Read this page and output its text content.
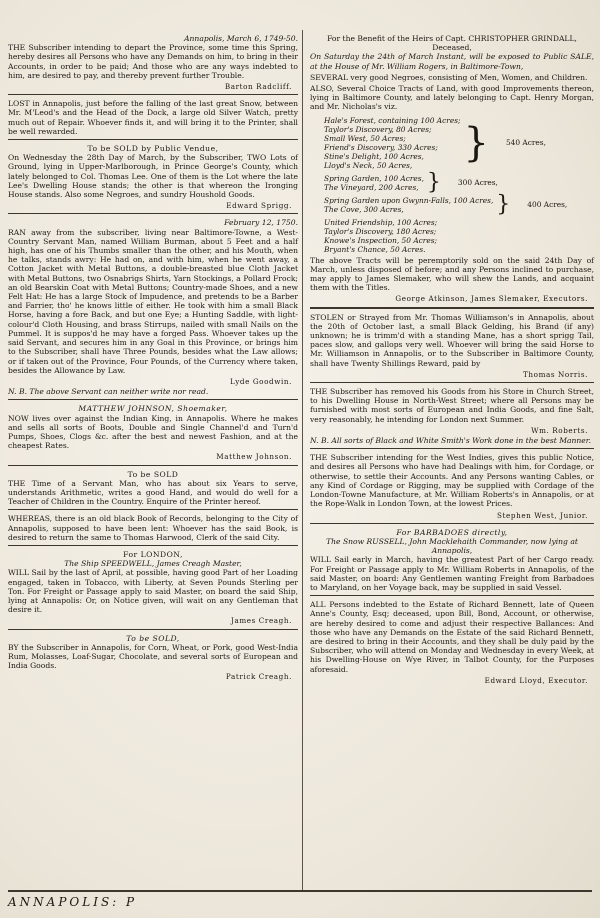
Annapolis, March 6, 1749-50.

THE Subscriber intending to depart the Province, some time this Spring, hereby desires all Persons who have any Demands on him, to bring in their Accounts, in order to be paid; And those who are any ways indebted to him, are desired to pay, and thereby prevent further Trouble.

Barton Radcliff.

LOST in Annapolis, just before the falling of the last great Snow, between Mr. M'Leod's and the Head of the Dock, a large old Silver Watch, pretty much out of Repair. Whoever finds it, and will bring it to the Printer, shall be well rewarded.

To be SOLD by Public Vendue,

On Wednesday the 28th Day of March, by the Subscriber, TWO Lots of Ground, lying in Upper-Marlborough, in Prince George's County, which lately belonged to Col. Thomas Lee. One of them is the Lot where the late Lee's Dwelling House stands; the other is that whereon the Ironging House stands. Also some Negroes, and sundry Houshold Goods.

Edward Sprigg.
February 12, 1750.

RAN away from the subscriber, living near Baltimore-Towne, a West-Country Servant Man, named William Burman, about 5 Feet and a half high, has one of his Thumbs smaller than the other, and his Mouth, when he talks, stands awry: He had on, and with him, when he went away, a Cotton Jacket with Metal Buttons, a double-breasted blue Cloth Jacket with Metal Buttons, two Osnabrigs Shirts, Yarn Stockings, a Pollard Frock; an old Bearskin Coat with Metal Buttons; Country-made Shoes, and a new Felt Hat: He has a large Stock of Impudence, and pretends to be a Barber and Farrier, tho' he knows little of either. He took with him a small Black Horse, having a fore Back, and but one Eye; a Hunting Saddle, with light-colour'd Cloth Housing, and brass Stirrups, nailed with small Nails on the Pummel. It is suppos'd he may have a forged Pass. Whoever takes up the said Servant, and secures him in any Goal in this Province, or brings him to the Subscriber, shall have Three Pounds, besides what the Law allows; or if taken out of the Province, Four Pounds, of the Currency where taken, besides the Allowance by Law.

Lyde Goodwin.

N. B. The above Servant can neither write nor read.

MATTHEW JOHNSON, Shoemaker,

NOW lives over against the Indian King, in Annapolis. Where he makes and sells all sorts of Boots, Double and Single Channel'd and Turn'd Pumps, Shoes, Clogs &c. after the best and newest Fashion, and at the cheapest Rates.

Matthew Johnson.
To be SOLD

THE Time of a Servant Man, who has about six Years to serve, understands Arithmetic, writes a good Hand, and would do well for a Teacher of Children in the Country. Enquire of the Printer hereof.

WHEREAS, there is an old black Book of Records, belonging to the City of Annapolis, supposed to have been lent: Whoever has the said Book, is desired to return the same to Thomas Harwood, Clerk of the said City.

For LONDON,
The Ship SPEEDWELL, James Creagh Master,

WILL Sail by the last of April, at possible, having good Part of her Loading engaged, taken in Tobacco, with Liberty, at Seven Pounds Sterling per Ton. For Freight or Passage apply to said Master, on board the said Ship, lying at Annapolis: Or, on Notice given, will wait on any Gentleman that desire it.

James Creagh.
To be SOLD,

BY the Subscriber in Annapolis, for Corn, Wheat, or Pork, good West-India Rum, Molasses, Loaf-Sugar, Chocolate, and several sorts of European and India Goods.

Patrick Creagh.
For the Benefit of the Heirs of Capt. CHRISTOPHER GRINDALL, Deceased,

On Saturday the 24th of March Instant, will be exposed to Public SALE, at the House of Mr. William Rogers, in Baltimore-Town,

SEVERAL very good Negroes, consisting of Men, Women, and Children.

ALSO, Several Choice Tracts of Land, with good Improvements thereon, lying in Baltimore County, and lately belonging to Capt. Henry Morgan, and Mr. Nicholas's viz.

Hale's Forest, containing 100 Acres;
Taylor's Discovery, 80 Acres;
Small West, 50 Acres;
Friend's Discovery, 330 Acres;
Stine's Delight, 100 Acres,
Lloyd's Neck, 50 Acres,	} 540 Acres,
Spring Garden, 100 Acres,
The Vineyard, 200 Acres, } 300 Acres,
Spring Garden upon Gwynn-Falls, 100 Acres,
The Cove, 300 Acres,	} 400 Acres,
United Friendship, 100 Acres;
Taylor's Discovery, 180 Acres;
Knowe's Inspection, 50 Acres;
Bryant's Chance, 50 Acres.

The above Tracts will be peremptorily sold on the said 24th Day of March, unless disposed of before; and any Persons inclined to purchase, may apply to James Slemaker, who will shew the Lands, and acquaint them with the Titles.

George Atkinson, James Slemaker, Executors.

STOLEN or Strayed from Mr. Thomas Williamson's in Annapolis, about the 20th of October last, a small Black Gelding, his Brand (if any) unknown; he is trimm'd with a standing Mane, has a short sprigg Tail, paces slow, and gallops very well. Whoever will bring the said Horse to Mr. Williamson in Annapolis, or to the Subscriber in Baltimore County, shall have Twenty Shillings Reward, paid by

Thomas Norris.

THE Subscriber has removed his Goods from his Store in Church Street, to his Dwelling House in North-West Street; where all Persons may be furnished with most sorts of European and India Goods, and fine Salt, very reasonably, he intending for London next Summer.

Wm. Roberts.

N. B. All sorts of Black and White Smith's Work done in the best Manner.

THE Subscriber intending for the West Indies, gives this public Notice, and desires all Persons who have had Dealings with him, for Cordage, or otherwise, to settle their Accounts. And any Persons wanting Cables, or any Kind of Cordage or Rigging, may be supplied with Cordage of the London-Towne Manufacture, at Mr. William Roberts's in Annapolis, or at the Rope-Walk in London Town, at the lowest Prices.

Stephen West, Junior.
For BARBADOES directly,
The Snow RUSSELL, John Macklehaith Commander, now lying at Annapolis,

WILL Sail early in March, having the greatest Part of her Cargo ready. For Freight or Passage apply to Mr. William Roberts in Annapolis, of the said Master, on board: Any Gentlemen wanting Freight from Barbadoes to Maryland, on her Voyage back, may be supplied in said Vessel.

ALL Persons indebted to the Estate of Richard Bennett, late of Queen Anne's County, Esq; deceased, upon Bill, Bond, Account, or otherwise, are hereby desired to come and adjust their respective Ballances: And those who have any Demands on the Estate of the said Richard Bennett, are desired to bring in their Accounts, and they shall be duly paid by the Subscriber, who will attend on Monday and Wednesday in every Week, at his Dwelling-House on Wye River, in Talbot County, for the Purposes aforesaid.

Edward Lloyd, Executor.
ANNAPOLIS: P
